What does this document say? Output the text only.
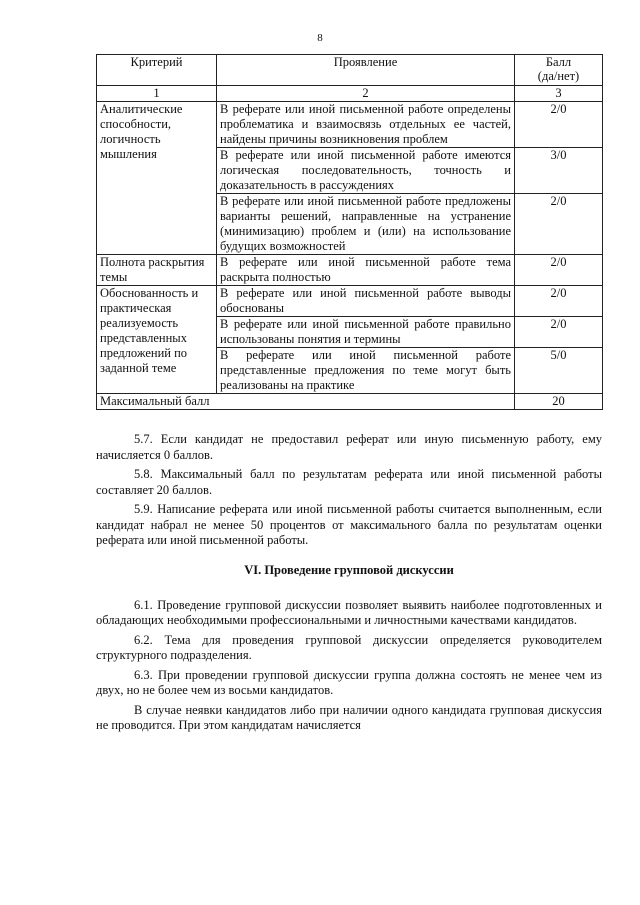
8
Критерий	Проявление	Балл
(да/нет)
1	2	3
Аналитические способности, логичность мышления	В реферате или иной письменной работе определены проблематика и взаимосвязь отдельных ее частей, найдены причины возникновения проблем	2/0
	В реферате или иной письменной работе имеются логическая последовательность, точность и доказательность в рассуждениях	3/0
	В реферате или иной письменной работе предложены варианты решений, направленные на устранение (минимизацию) проблем и (или) на использование будущих возможностей	2/0
Полнота раскрытия темы	В реферате или иной письменной работе тема раскрыта полностью	2/0
Обоснованность и практическая реализуемость представленных предложений по заданной теме	В реферате или иной письменной работе выводы обоснованы	2/0
	В реферате или иной письменной работе правильно использованы понятия и термины	2/0
	В реферате или иной письменной работе представленные предложения по теме могут быть реализованы на практике	5/0
Максимальный балл		20

5.7. Если кандидат не предоставил реферат или иную письменную работу, ему начисляется 0 баллов.

5.8. Максимальный балл по результатам реферата или иной письменной работы составляет 20 баллов.

5.9. Написание реферата или иной письменной работы считается выполненным, если кандидат набрал не менее 50 процентов от максимального балла по результатам оценки реферата или иной письменной работы.

VI. Проведение групповой дискуссии

6.1. Проведение групповой дискуссии позволяет выявить наиболее подготовленных и обладающих необходимыми профессиональными и личностными качествами кандидатов.

6.2. Тема для проведения групповой дискуссии определяется руководителем структурного подразделения.

6.3. При проведении групповой дискуссии группа должна состоять не менее чем из двух, но не более чем из восьми кандидатов.

В случае неявки кандидатов либо при наличии одного кандидата групповая дискуссия не проводится. При этом кандидатам начисляется
